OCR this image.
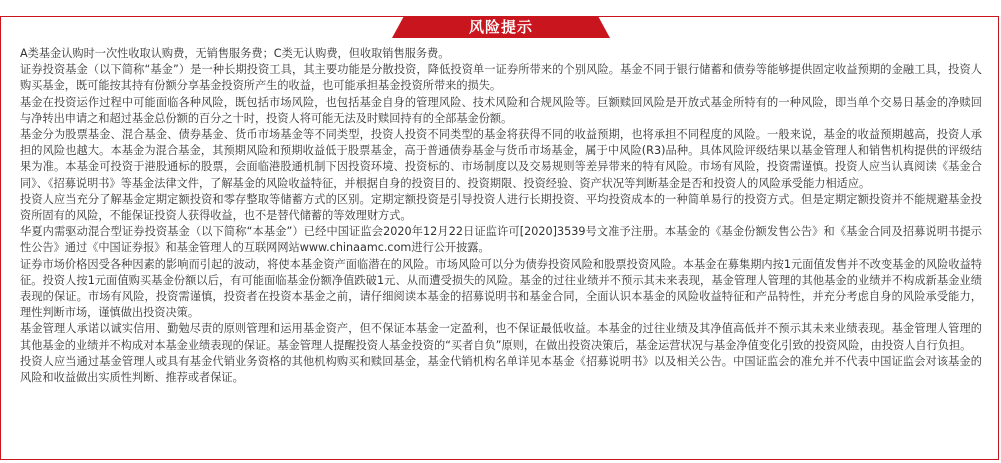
风险提示

A类基金认购时一次性收取认购费，无销售服务费；C类无认购费，但收取销售服务费。

证券投资基金（以下简称“基金”）是一种长期投资工具，其主要功能是分散投资，降低投资单一证券所带来的个别风险。基金不同于银行储蓄和债券等能够提供固定收益预期的金融工具，投资人购买基金，既可能按其持有份额分享基金投资所产生的收益，也可能承担基金投资所带来的损失。

基金在投资运作过程中可能面临各种风险，既包括市场风险，也包括基金自身的管理风险、技术风险和合规风险等。巨额赎回风险是开放式基金所特有的一种风险，即当单个交易日基金的净赎回与净转出申请之和超过基金总份额的百分之十时，投资人将可能无法及时赎回持有的全部基金份额。

基金分为股票基金、混合基金、债券基金、货币市场基金等不同类型，投资人投资不同类型的基金将获得不同的收益预期，也将承担不同程度的风险。一般来说，基金的收益预期越高，投资人承担的风险也越大。本基金为混合基金，其预期风险和预期收益低于股票基金，高于普通债券基金与货币市场基金，属于中风险(R3)品种。具体风险评级结果以基金管理人和销售机构提供的评级结果为准。本基金可投资于港股通标的股票，会面临港股通机制下因投资环境、投资标的、市场制度以及交易规则等差异带来的特有风险。市场有风险，投资需谨慎。投资人应当认真阅读《基金合同》、《招募说明书》等基金法律文件，了解基金的风险收益特征，并根据自身的投资目的、投资期限、投资经验、资产状况等判断基金是否和投资人的风险承受能力相适应。

投资人应当充分了解基金定期定额投资和零存整取等储蓄方式的区别。定期定额投资是引导投资人进行长期投资、平均投资成本的一种简单易行的投资方式。但是定期定额投资并不能规避基金投资所固有的风险，不能保证投资人获得收益，也不是替代储蓄的等效理财方式。

华夏内需驱动混合型证券投资基金（以下简称“本基金”）已经中国证监会2020年12月22日证监许可[2020]3539号文准予注册。本基金的《基金份额发售公告》和《基金合同及招募说明书提示性公告》通过《中国证券报》和基金管理人的互联网网站www.chinaamc.com进行公开披露。

证券市场价格因受各种因素的影响而引起的波动，将使本基金资产面临潜在的风险。市场风险可以分为债券投资风险和股票投资风险。本基金在募集期内按1元面值发售并不改变基金的风险收益特征。投资人按1元面值购买基金份额以后，有可能面临基金份额净值跌破1元、从而遭受损失的风险。基金的过往业绩并不预示其未来表现，基金管理人管理的其他基金的业绩并不构成新基金业绩表现的保证。市场有风险，投资需谨慎，投资者在投资本基金之前，请仔细阅读本基金的招募说明书和基金合同，全面认识本基金的风险收益特征和产品特性，并充分考虑自身的风险承受能力，理性判断市场，谨慎做出投资决策。

基金管理人承诺以诚实信用、勤勉尽责的原则管理和运用基金资产，但不保证本基金一定盈利，也不保证最低收益。本基金的过往业绩及其净值高低并不预示其未来业绩表现。基金管理人管理的其他基金的业绩并不构成对本基金业绩表现的保证。基金管理人提醒投资人基金投资的“买者自负”原则，在做出投资决策后，基金运营状况与基金净值变化引致的投资风险，由投资人自行负担。

投资人应当通过基金管理人或具有基金代销业务资格的其他机构购买和赎回基金，基金代销机构名单详见本基金《招募说明书》以及相关公告。中国证监会的准允并不代表中国证监会对该基金的风险和收益做出实质性判断、推荐或者保证。
